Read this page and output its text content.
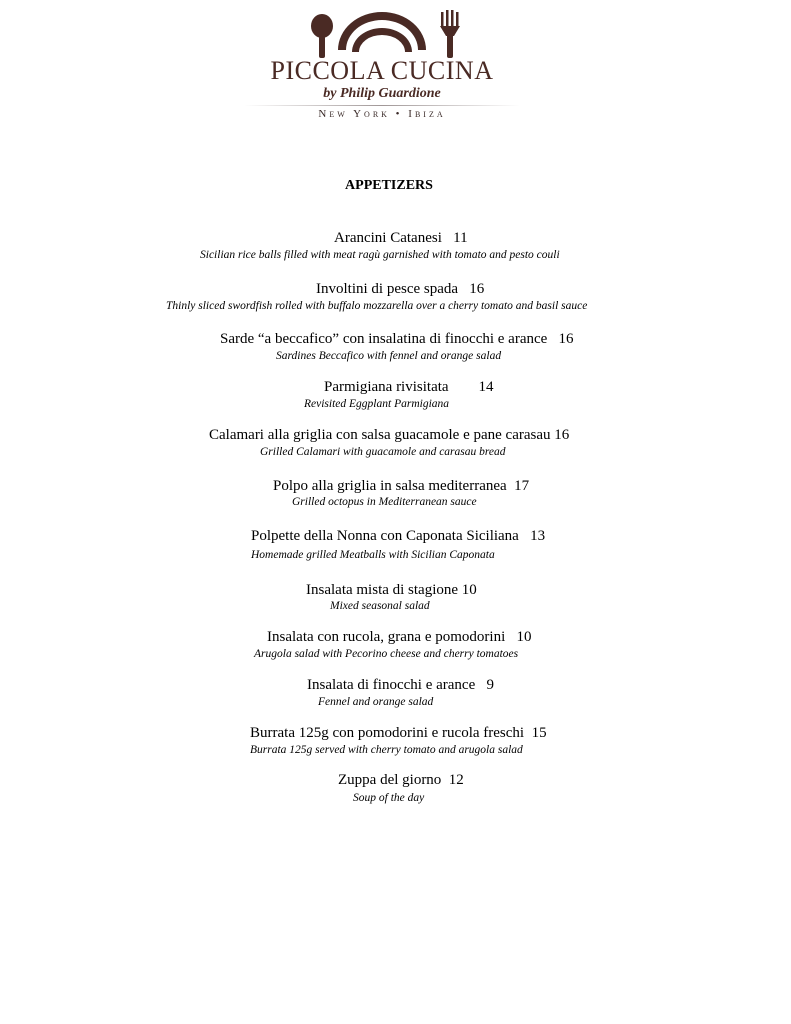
PICCOLA CUCINA
by Philip Guardione
New York • Ibiza
APPETIZERS

Arancini Catanesi   11

Sicilian rice balls filled with meat ragù garnished with tomato and pesto couli

Involtini di pesce spada   16

Thinly sliced swordfish rolled with buffalo mozzarella over a cherry tomato and basil sauce

Sarde “a beccafico” con insalatina di finocchi e arance   16

Sardines Beccafico with fennel and orange salad

Parmigiana rivisitata        14

Revisited Eggplant Parmigiana

Calamari alla griglia con salsa guacamole e pane carasau 16

Grilled Calamari with guacamole and carasau bread

Polpo alla griglia in salsa mediterranea  17

Grilled octopus in Mediterranean sauce

Polpette della Nonna con Caponata Siciliana   13

Homemade grilled Meatballs with Sicilian Caponata

Insalata mista di stagione 10

Mixed seasonal salad

Insalata con rucola, grana e pomodorini   10

Arugola salad with Pecorino cheese and cherry tomatoes

Insalata di finocchi e arance   9

Fennel and orange salad

Burrata 125g con pomodorini e rucola freschi  15

Burrata 125g served with cherry tomato and arugola salad

Zuppa del giorno  12

Soup of the day
